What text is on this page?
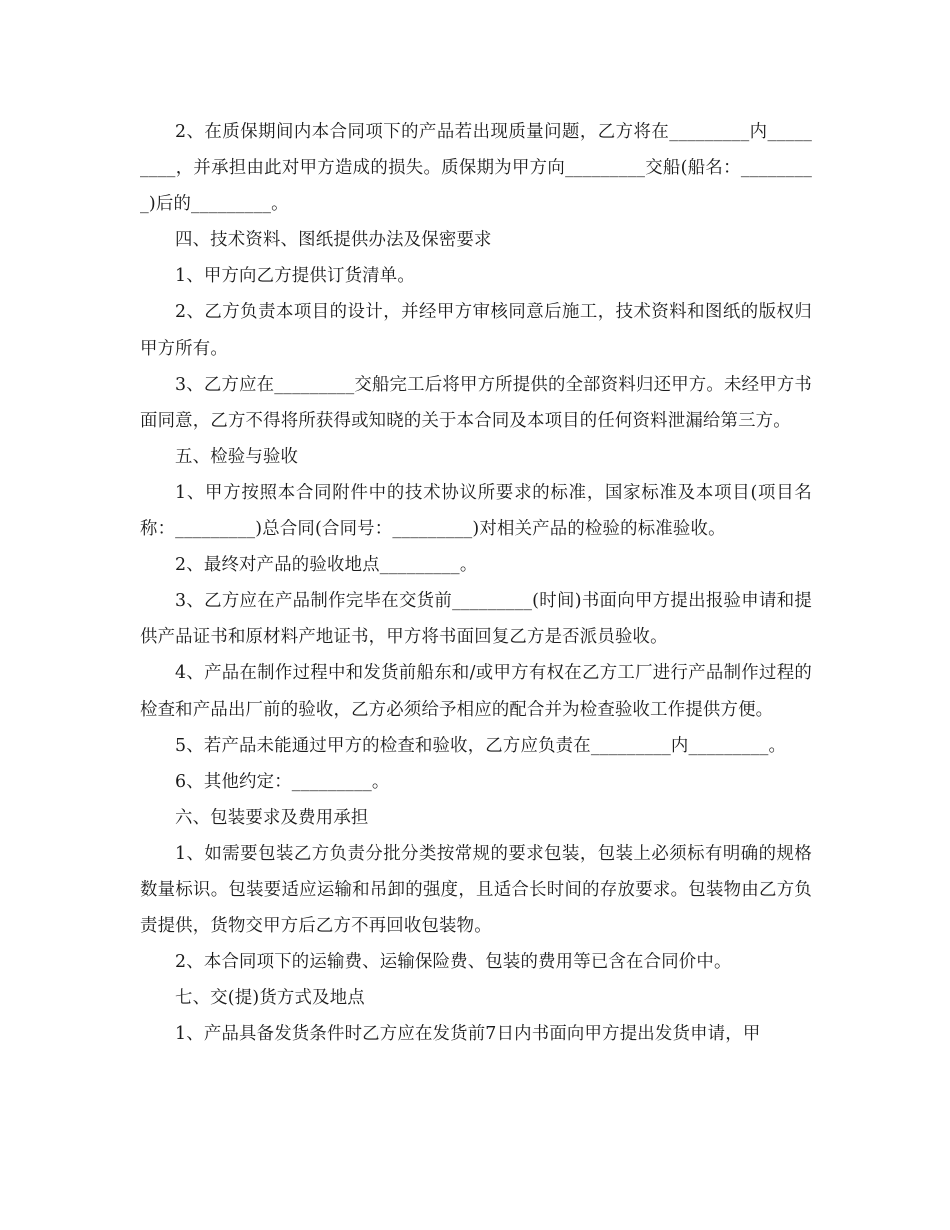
2、在质保期间内本合同项下的产品若出现质量问题，乙方将在_________内_________，并承担由此对甲方造成的损失。质保期为甲方向_________交船(船名：_________)后的_________。

四、技术资料、图纸提供办法及保密要求

1、甲方向乙方提供订货清单。

2、乙方负责本项目的设计，并经甲方审核同意后施工，技术资料和图纸的版权归甲方所有。

3、乙方应在_________交船完工后将甲方所提供的全部资料归还甲方。未经甲方书面同意，乙方不得将所获得或知晓的关于本合同及本项目的任何资料泄漏给第三方。

五、检验与验收

1、甲方按照本合同附件中的技术协议所要求的标准，国家标准及本项目(项目名称：_________)总合同(合同号：_________)对相关产品的检验的标准验收。

2、最终对产品的验收地点_________。

3、乙方应在产品制作完毕在交货前_________(时间)书面向甲方提出报验申请和提供产品证书和原材料产地证书，甲方将书面回复乙方是否派员验收。

4、产品在制作过程中和发货前船东和/或甲方有权在乙方工厂进行产品制作过程的检查和产品出厂前的验收，乙方必须给予相应的配合并为检查验收工作提供方便。

5、若产品未能通过甲方的检查和验收，乙方应负责在_________内_________。

6、其他约定：_________。

六、包装要求及费用承担

1、如需要包装乙方负责分批分类按常规的要求包装，包装上必须标有明确的规格数量标识。包装要适应运输和吊卸的强度，且适合长时间的存放要求。包装物由乙方负责提供，货物交甲方后乙方不再回收包装物。

2、本合同项下的运输费、运输保险费、包装的费用等已含在合同价中。

七、交(提)货方式及地点

1、产品具备发货条件时乙方应在发货前7日内书面向甲方提出发货申请，甲
